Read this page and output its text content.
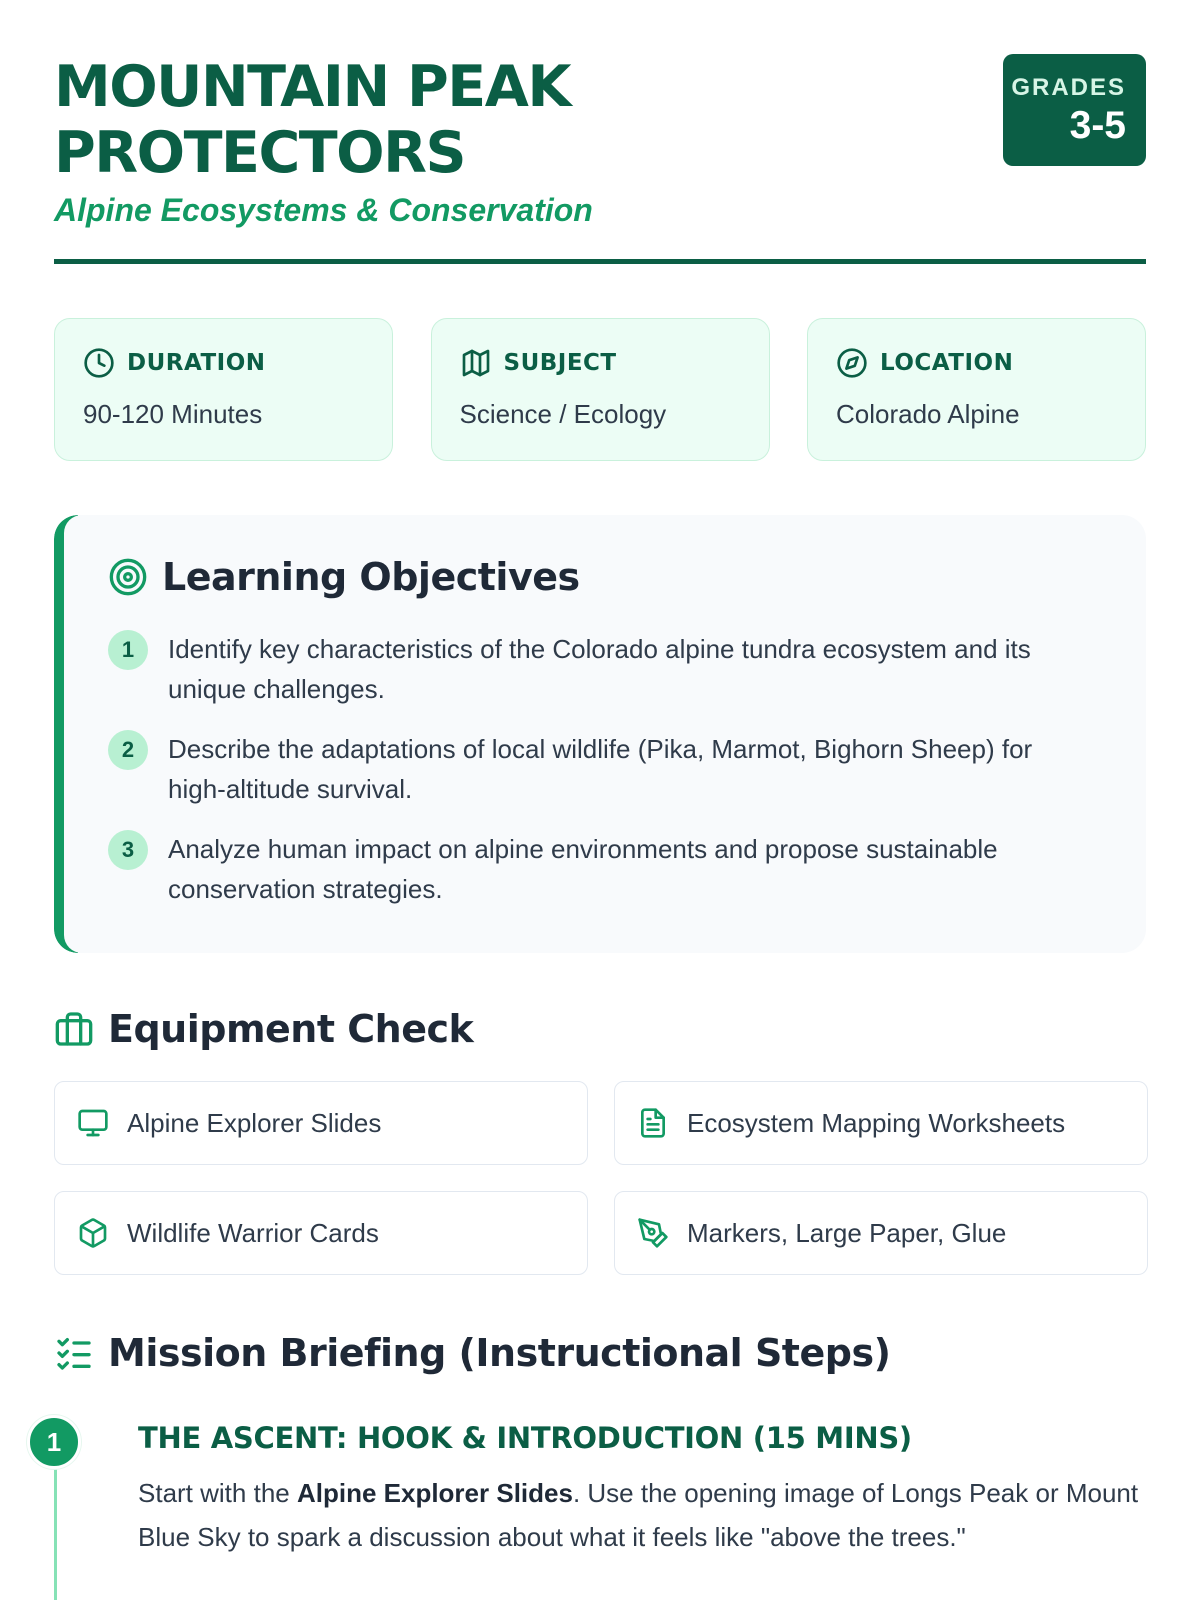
MOUNTAIN PEAK PROTECTORS
Alpine Ecosystems & Conservation
GRADES
3-5
DURATION
90-120 Minutes
SUBJECT
Science / Ecology
LOCATION
Colorado Alpine
Learning Objectives
1	Identify key characteristics of the Colorado alpine tundra ecosystem and its unique challenges.
2	Describe the adaptations of local wildlife (Pika, Marmot, Bighorn Sheep) for high-altitude survival.
3	Analyze human impact on alpine environments and propose sustainable conservation strategies.
Equipment Check
Alpine Explorer Slides	Ecosystem Mapping Worksheets
Wildlife Warrior Cards	Markers, Large Paper, Glue
Mission Briefing (Instructional Steps)
1	THE ASCENT: HOOK & INTRODUCTION (15 MINS)

Start with the Alpine Explorer Slides. Use the opening image of Longs Peak or Mount Blue Sky to spark a discussion about what it feels like "above the trees."
